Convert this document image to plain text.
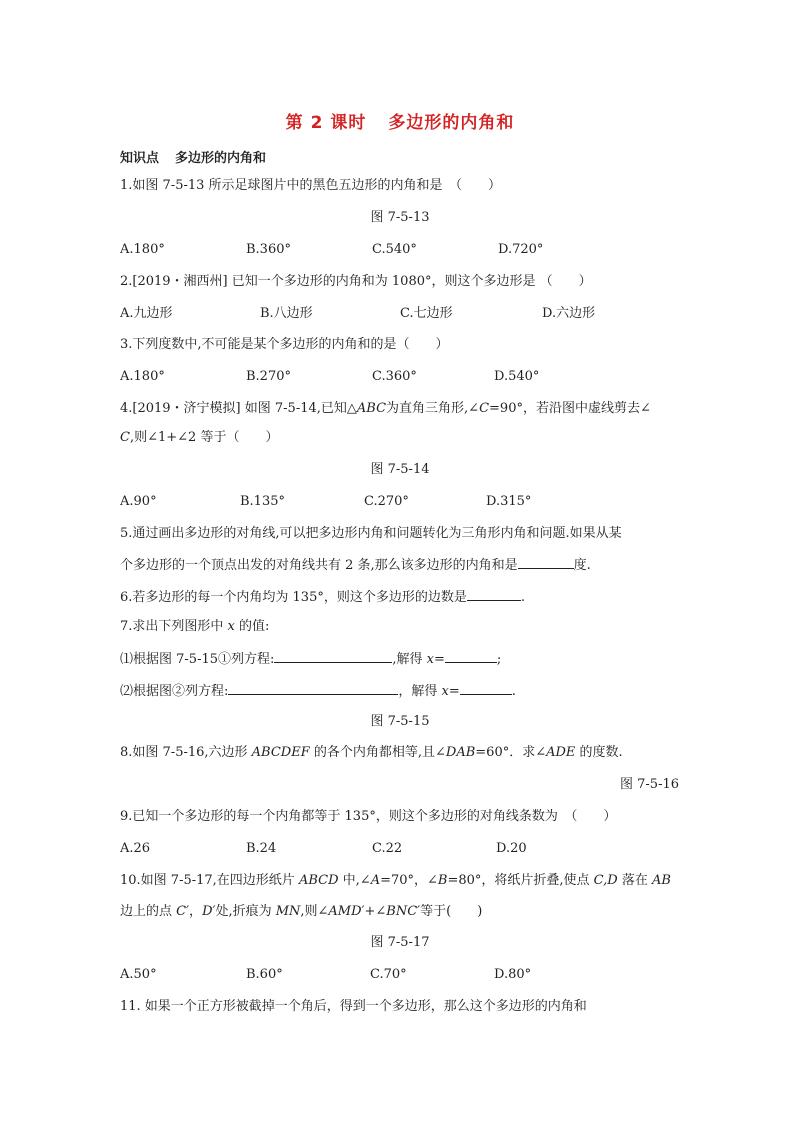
第 2 课时 多边形的内角和
知识点 多边形的内角和
1.如图 7-5-13 所示足球图片中的黑色五边形的内角和是　（　　）
图 7-5-13
A.180°	B.360°	C.540°	D.720°
2.[2019・湘西州] 已知一个多边形的内角和为 1080°，则这个多边形是 （　　）
A.九边形	B.八边形	C.七边形	D.六边形
3.下列度数中,不可能是某个多边形的内角和的是（　　）
A.180°	B.270°	C.360°	D.540°
4.[2019・济宁模拟] 如图 7-5-14,已知△ABC为直角三角形,∠C=90°，若沿图中虚线剪去∠
C,则∠1+∠2 等于（　　）
图 7-5-14
A.90°	B.135°	C.270°	D.315°
5.通过画出多边形的对角线,可以把多边形内角和问题转化为三角形内角和问题.如果从某
个多边形的一个顶点出发的对角线共有 2 条,那么该多边形的内角和是	度.
6.若多边形的每一个内角均为 135°，则这个多边形的边数是	.
7.求出下列图形中 x 的值:
⑴根据图 7-5-15①列方程:	,解得 x=	;
⑵根据图②列方程:	，解得 x=	.
图 7-5-15
8.如图 7-5-16,六边形 ABCDEF 的各个内角都相等,且∠DAB=60°．求∠ADE 的度数.
图 7-5-16
9.已知一个多边形的每一个内角都等于 135°，则这个多边形的对角线条数为　（　　）
A.26	B.24	C.22	D.20
10.如图 7-5-17,在四边形纸片 ABCD 中,∠A=70°，∠B=80°，将纸片折叠,使点 C,D 落在 AB
边上的点 C′，D′处,折痕为 MN,则∠AMD′+∠BNC′等于(　　)
图 7-5-17
A.50°	B.60°	C.70°	D.80°
11. 如果一个正方形被截掉一个角后，得到一个多边形，那么这个多边形的内角和
